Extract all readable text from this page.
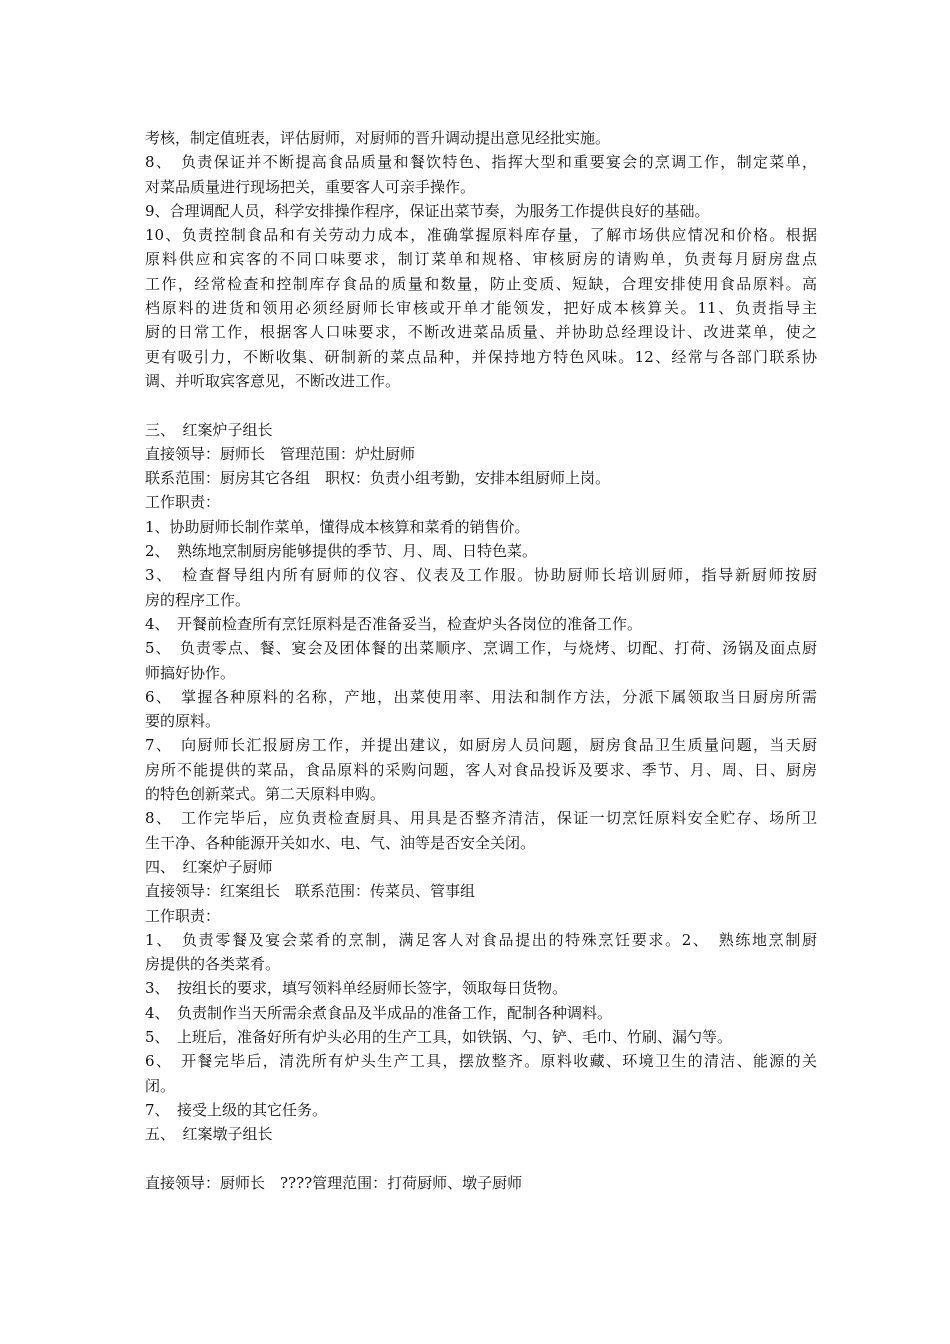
考核，制定值班表，评估厨师，对厨师的晋升调动提出意见经批实施。
8、　负责保证并不断提高食品质量和餐饮特色、指挥大型和重要宴会的烹调工作，制定菜单，
对菜品质量进行现场把关，重要客人可亲手操作。
9、合理调配人员，科学安排操作程序，保证出菜节奏，为服务工作提供良好的基础。
10、负责控制食品和有关劳动力成本，准确掌握原料库存量，了解市场供应情况和价格。根据
原料供应和宾客的不同口味要求，制订菜单和规格、审核厨房的请购单，负责每月厨房盘点
工作，经常检查和控制库存食品的质量和数量，防止变质、短缺，合理安排使用食品原料。高
档原料的进货和领用必须经厨师长审核或开单才能领发，把好成本核算关。11、负责指导主
厨的日常工作，根据客人口味要求，不断改进菜品质量、并协助总经理设计、改进菜单，使之
更有吸引力，不断收集、研制新的菜点品种，并保持地方特色风味。12、经常与各部门联系协
调、并听取宾客意见，不断改进工作。
三、　红案炉子组长
直接领导：厨师长　管理范围：炉灶厨师
联系范围：厨房其它各组　职权：负责小组考勤，安排本组厨师上岗。
工作职责：
1、协助厨师长制作菜单，懂得成本核算和菜肴的销售价。
2、　熟练地烹制厨房能够提供的季节、月、周、日特色菜。
3、　检查督导组内所有厨师的仪容、仪表及工作服。协助厨师长培训厨师，指导新厨师按厨
房的程序工作。
4、　开餐前检查所有烹饪原料是否准备妥当，检查炉头各岗位的准备工作。
5、　负责零点、餐、宴会及团体餐的出菜顺序、烹调工作，与烧烤、切配、打荷、汤锅及面点厨
师搞好协作。
6、　掌握各种原料的名称，产地，出菜使用率、用法和制作方法，分派下属领取当日厨房所需
要的原料。
7、　向厨师长汇报厨房工作，并提出建议，如厨房人员问题，厨房食品卫生质量问题，当天厨
房所不能提供的菜品，食品原料的采购问题，客人对食品投诉及要求、季节、月、周、日、厨房
的特色创新菜式。第二天原料申购。
8、　工作完毕后，应负责检查厨具、用具是否整齐清洁，保证一切烹饪原料安全贮存、场所卫
生干净、各种能源开关如水、电、气、油等是否安全关闭。
四、　红案炉子厨师
直接领导：红案组长　联系范围：传菜员、管事组
工作职责：
1、　负责零餐及宴会菜肴的烹制，满足客人对食品提出的特殊烹饪要求。2、　熟练地烹制厨
房提供的各类菜肴。
3、　按组长的要求，填写领料单经厨师长签字，领取每日货物。
4、　负责制作当天所需余煮食品及半成品的准备工作，配制各种调料。
5、　上班后，准备好所有炉头必用的生产工具，如铁锅、勺、铲、毛巾、竹刷、漏勺等。
6、　开餐完毕后，清洗所有炉头生产工具，摆放整齐。原料收藏、环境卫生的清洁、能源的关
闭。
7、　接受上级的其它任务。
五、　红案墩子组长
直接领导：厨师长　????管理范围：打荷厨师、墩子厨师
